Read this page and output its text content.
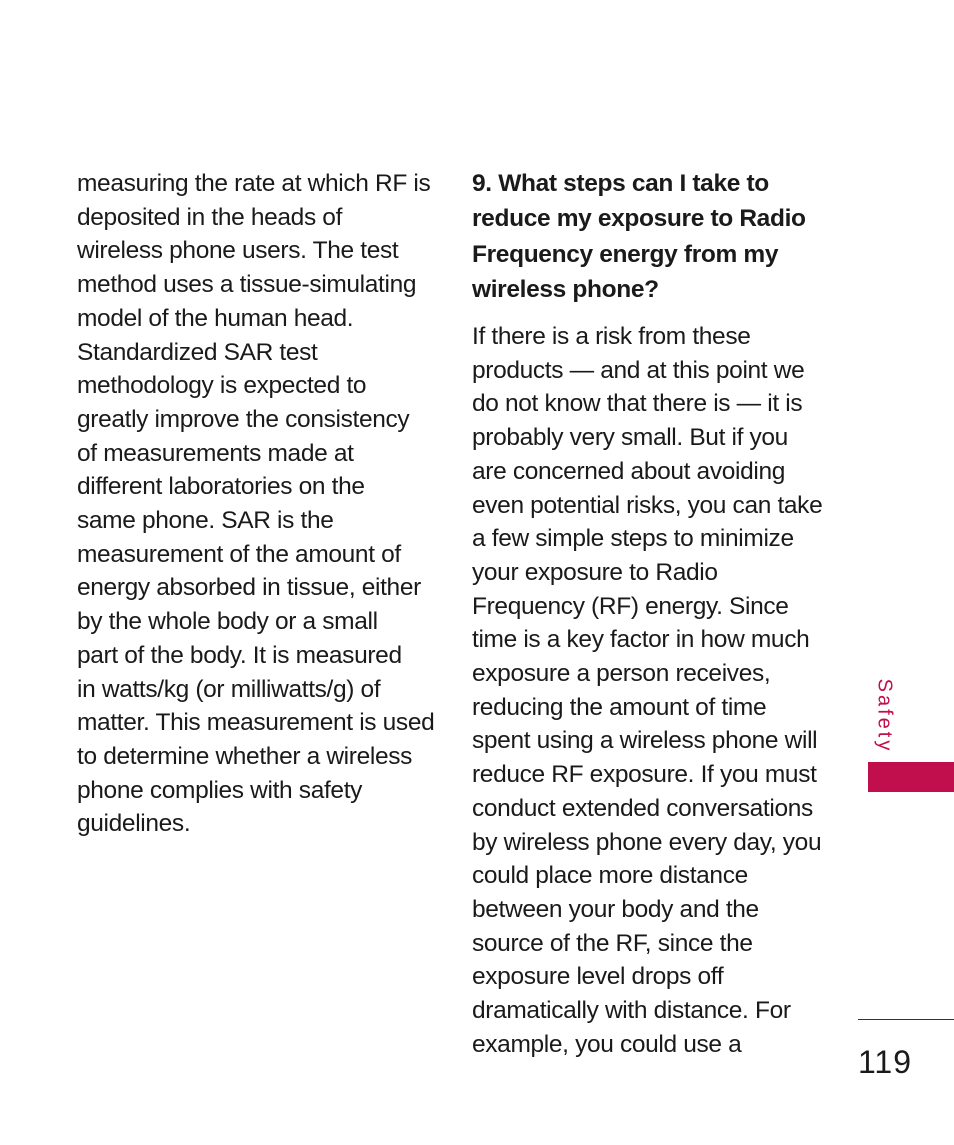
measuring the rate at which RF is
deposited in the heads of
wireless phone users. The test
method uses a tissue-simulating
model of the human head.
Standardized SAR test
methodology is expected to
greatly improve the consistency
of measurements made at
different laboratories on the
same phone. SAR is the
measurement of the amount of
energy absorbed in tissue, either
by the whole body or a small
part of the body. It is measured
in watts/kg (or milliwatts/g) of
matter. This measurement is used
to determine whether a wireless
phone complies with safety
guidelines.
9. What steps can I take to
reduce my exposure to Radio
Frequency energy from my
wireless phone?
If there is a risk from these
products — and at this point we
do not know that there is — it is
probably very small. But if you
are concerned about avoiding
even potential risks, you can take
a few simple steps to minimize
your exposure to Radio
Frequency (RF) energy. Since
time is a key factor in how much
exposure a person receives,
reducing the amount of time
spent using a wireless phone will
reduce RF exposure. If you must
conduct extended conversations
by wireless phone every day, you
could place more distance
between your body and the
source of the RF, since the
exposure level drops off
dramatically with distance. For
example, you could use a
Safety
119
